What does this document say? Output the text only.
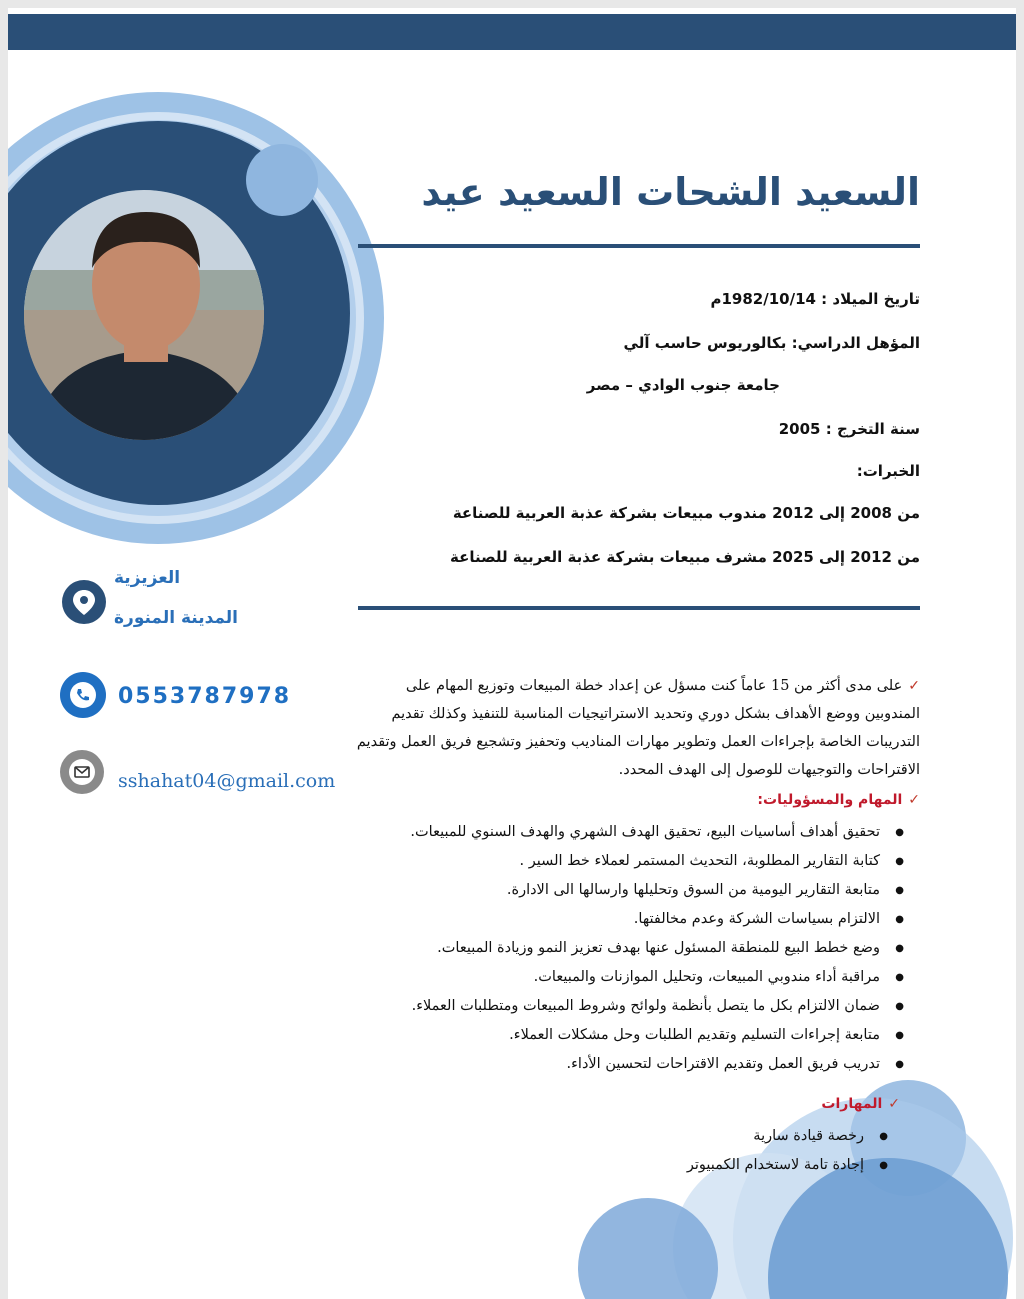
السعيد الشحات السعيد عيد
تاريخ الميلاد : 1982/10/14م
المؤهل الدراسي: بكالوريوس حاسب آلي
جامعة جنوب الوادي – مصر
سنة التخرج : 2005
الخبرات:
من 2008 إلى 2012 مندوب مبيعات بشركة عذبة العربية للصناعة
من 2012 إلى 2025 مشرف مبيعات بشركة عذبة العربية للصناعة
العزيزية
المدينة المنورة
0553787978
sshahat04@gmail.com
✓على مدى أكثر من 15 عاماً كنت مسؤل عن إعداد خطة المبيعات وتوزيع المهام على المندوبين ووضع الأهداف بشكل دوري وتحديد الاستراتيجيات المناسبة للتنفيذ وكذلك تقديم التدريبات الخاصة بإجراءات العمل وتطوير مهارات المناديب وتحفيز وتشجيع فريق العمل وتقديم الاقتراحات والتوجيهات للوصول إلى الهدف المحدد.
✓المهام والمسؤوليات:
● تحقيق أهداف أساسيات البيع، تحقيق الهدف الشهري والهدف السنوي للمبيعات.
● كتابة التقارير المطلوبة، التحديث المستمر لعملاء خط السير .
● متابعة التقارير اليومية من السوق وتحليلها وارسالها الى الادارة.
● الالتزام بسياسات الشركة وعدم مخالفتها.
● وضع خطط البيع للمنطقة المسئول عنها بهدف تعزيز النمو وزيادة المبيعات.
● مراقبة أداء مندوبي المبيعات، وتحليل الموازنات والمبيعات.
● ضمان الالتزام بكل ما يتصل بأنظمة ولوائح وشروط المبيعات ومتطلبات العملاء.
● متابعة إجراءات التسليم وتقديم الطلبات وحل مشكلات العملاء.
● تدريب فريق العمل وتقديم الاقتراحات لتحسين الأداء.
✓المهارات
● رخصة قيادة سارية
● إجادة تامة لاستخدام الكمبيوتر
